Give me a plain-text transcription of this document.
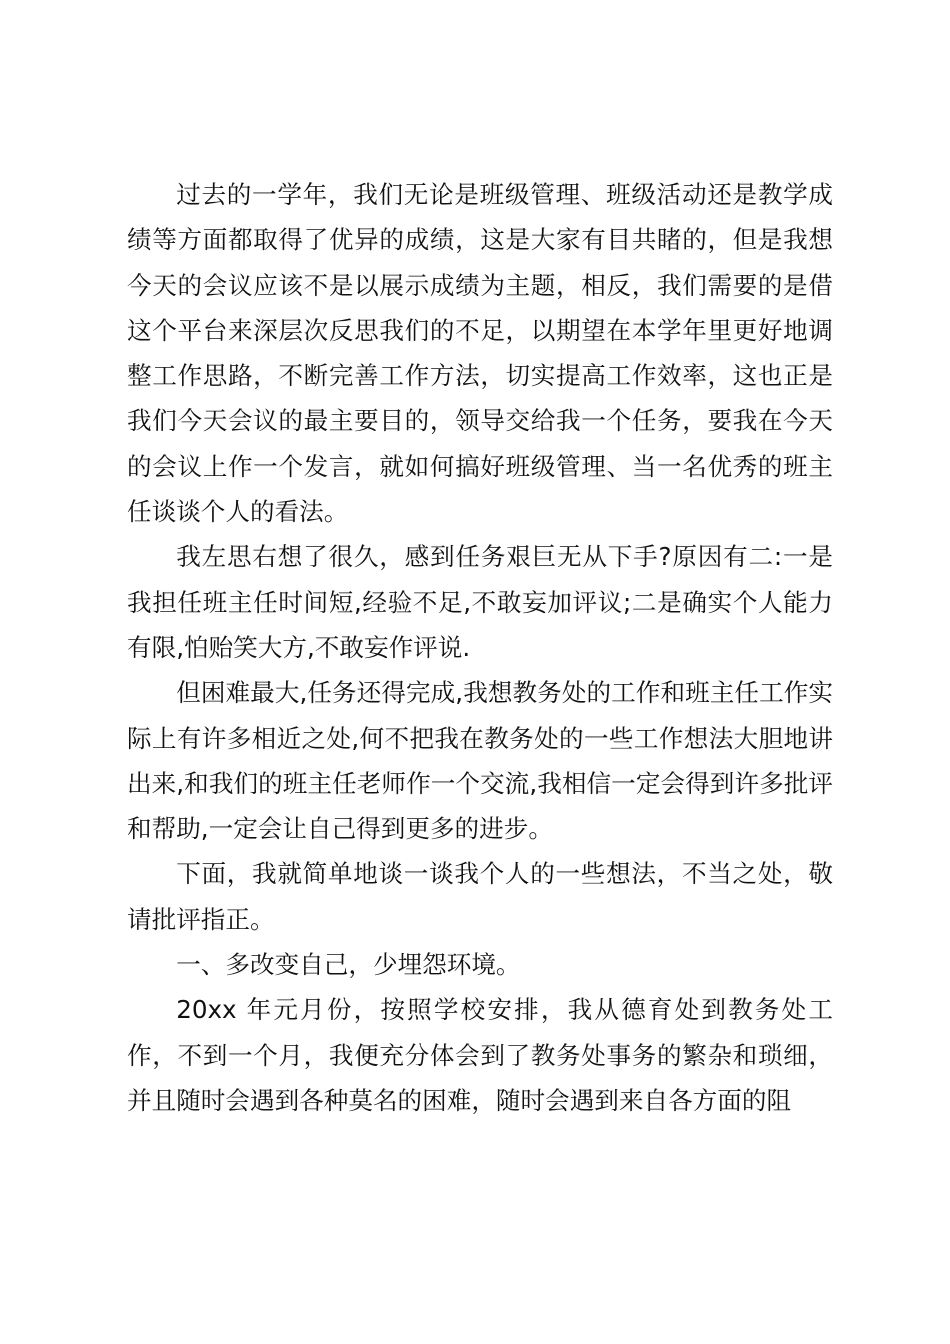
过去的一学年，我们无论是班级管理、班级活动还是教学成绩等方面都取得了优异的成绩，这是大家有目共睹的，但是我想今天的会议应该不是以展示成绩为主题，相反，我们需要的是借这个平台来深层次反思我们的不足，以期望在本学年里更好地调整工作思路，不断完善工作方法，切实提高工作效率，这也正是我们今天会议的最主要目的，领导交给我一个任务，要我在今天的会议上作一个发言，就如何搞好班级管理、当一名优秀的班主任谈谈个人的看法。

我左思右想了很久，感到任务艰巨无从下手?原因有二:一是我担任班主任时间短,经验不足,不敢妄加评议;二是确实个人能力有限,怕贻笑大方,不敢妄作评说.

但困难最大,任务还得完成,我想教务处的工作和班主任工作实际上有许多相近之处,何不把我在教务处的一些工作想法大胆地讲出来,和我们的班主任老师作一个交流,我相信一定会得到许多批评和帮助,一定会让自己得到更多的进步。

下面，我就简单地谈一谈我个人的一些想法，不当之处，敬请批评指正。

一、多改变自己，少埋怨环境。

20xx 年元月份，按照学校安排，我从德育处到教务处工作，不到一个月，我便充分体会到了教务处事务的繁杂和琐细，并且随时会遇到各种莫名的困难，随时会遇到来自各方面的阻
